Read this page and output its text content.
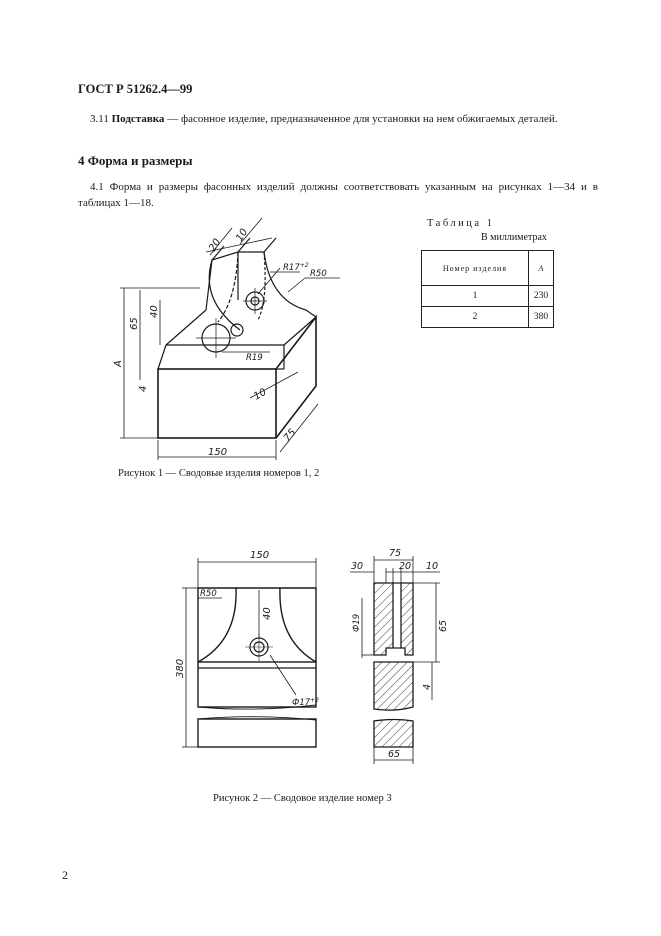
ГОСТ Р 51262.4—99
3.11 Подставка — фасонное изделие, предназначенное для установки на нем обжигаемых деталей.
4 Форма и размеры
4.1 Форма и размеры фасонных изделий должны соответствовать указанным на рисунках 1—34 и в таблицах 1—18.
Таблица 1
В миллиметрах
Номер изделия	A
1	230
2	380
20
10
$R17^{+2}$
R50
40
65
A
4
R19
10
150
75
Рисунок 1 — Сводовые изделия номеров 1, 2
150
R50
40
380
$Ф17^{+2}$
75
30	20 10
Ф19	65
4
65
Рисунок 2 — Сводовое изделие номер 3
2
